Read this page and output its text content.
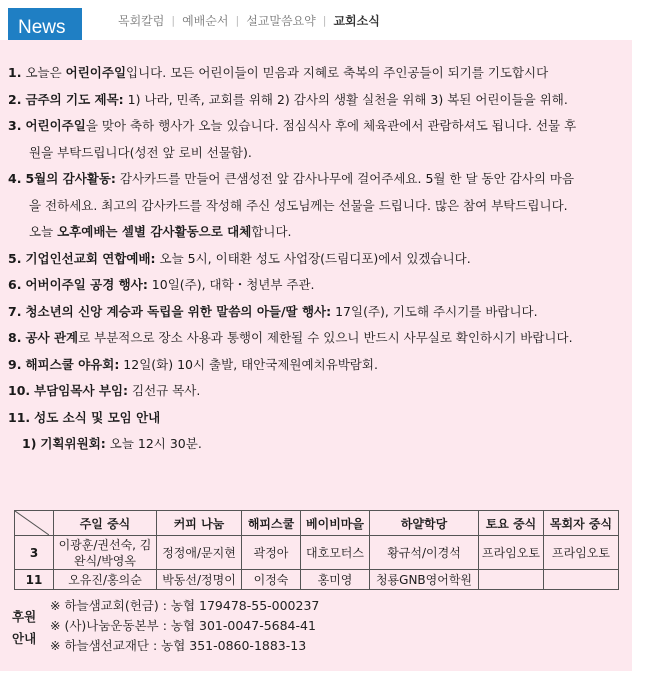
News	목회칼럼 | 예배순서 | 설교말씀요약 | 교회소식

1. 오늘은 어린이주일입니다. 모든 어린이들이 믿음과 지혜로 축복의 주인공들이 되기를 기도합시다

2. 금주의 기도 제목: 1) 나라, 민족, 교회를 위해 2) 감사의 생활 실천을 위해 3) 복된 어린이들을 위해.

3. 어린이주일을 맞아 축하 행사가 오늘 있습니다. 점심식사 후에 체육관에서 관람하셔도 됩니다. 선물 후
원을 부탁드립니다(성전 앞 로비 선물함).

4. 5월의 감사활동: 감사카드를 만들어 큰샘성전 앞 감사나무에 걸어주세요. 5월 한 달 동안 감사의 마음
을 전하세요. 최고의 감사카드를 작성해 주신 성도님께는 선물을 드립니다. 많은 참여 부탁드립니다.
오늘 오후예배는 셀별 감사활동으로 대체합니다.

5. 기업인선교회 연합예배: 오늘 5시, 이태환 성도 사업장(드림디포)에서 있겠습니다.

6. 어버이주일 공경 행사: 10일(주), 대학・청년부 주관.

7. 청소년의 신앙 계승과 독립을 위한 말씀의 아들/딸 행사: 17일(주), 기도해 주시기를 바랍니다.

8. 공사 관계로 부분적으로 장소 사용과 통행이 제한될 수 있으니 반드시 사무실로 확인하시기 바랍니다.

9. 해피스쿨 야유회: 12일(화) 10시 출발, 태안국제원예치유박람회.

10. 부담임목사 부임: 김선규 목사.

11. 성도 소식 및 모임 안내

1) 기획위원회: 오늘 12시 30분.

	주일 중식	커피 나눔	해피스쿨	베이비마을	하얄학당	토요 중식	목회자 중식
3	이광훈/권선숙, 김완식/박영옥	정정애/문지현	곽정아	대호모터스	황규석/이경석	프라임오토	프라임오토
11	오유진/홍의순	박동선/정명이	이정숙	홍미영	청룡GNB영어학원		
후원
안내
※ 하늘샘교회(헌금) : 농협 179478-55-000237
※ (사)나눔운동본부 : 농협 301-0047-5684-41
※ 하늘샘선교재단 : 농협 351-0860-1883-13
